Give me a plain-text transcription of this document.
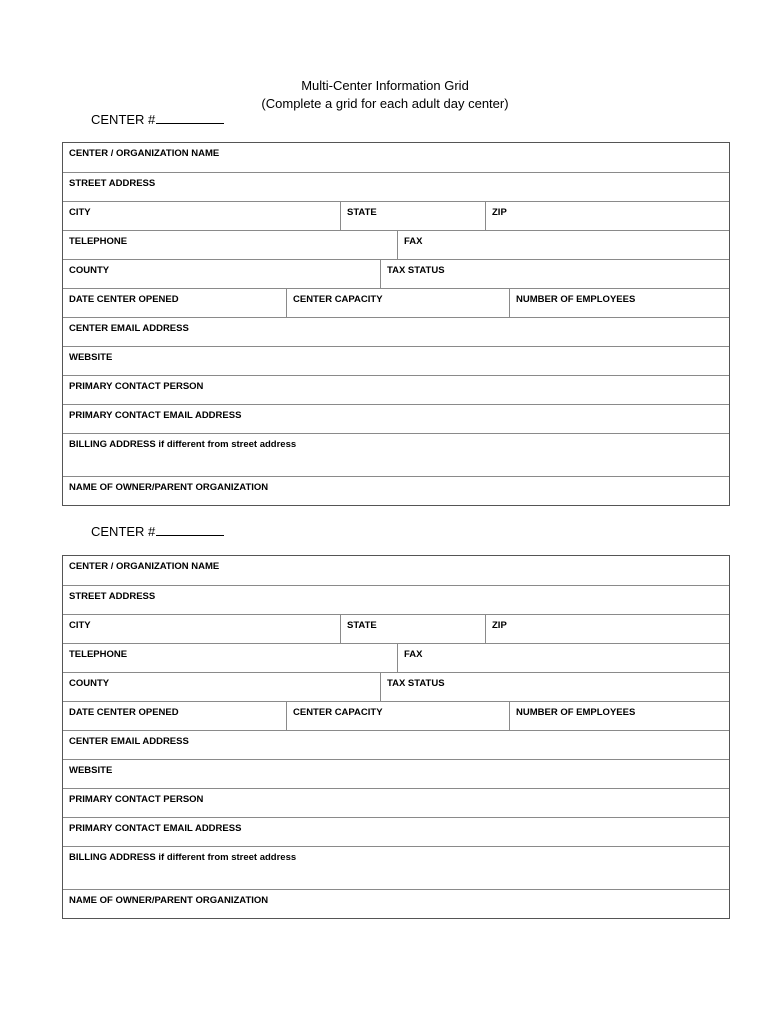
Multi-Center Information Grid
(Complete a grid for each adult day center)
CENTER #
CENTER / ORGANIZATION NAME
STREET ADDRESS
CITY	STATE	ZIP
TELEPHONE	FAX
COUNTY	TAX STATUS
DATE CENTER OPENED	CENTER CAPACITY	NUMBER OF EMPLOYEES
CENTER EMAIL ADDRESS
WEBSITE
PRIMARY CONTACT PERSON
PRIMARY CONTACT EMAIL ADDRESS
BILLING ADDRESS if different from street address
NAME OF OWNER/PARENT ORGANIZATION
CENTER #
CENTER / ORGANIZATION NAME
STREET ADDRESS
CITY	STATE	ZIP
TELEPHONE	FAX
COUNTY	TAX STATUS
DATE CENTER OPENED	CENTER CAPACITY	NUMBER OF EMPLOYEES
CENTER EMAIL ADDRESS
WEBSITE
PRIMARY CONTACT PERSON
PRIMARY CONTACT EMAIL ADDRESS
BILLING ADDRESS if different from street address
NAME OF OWNER/PARENT ORGANIZATION
